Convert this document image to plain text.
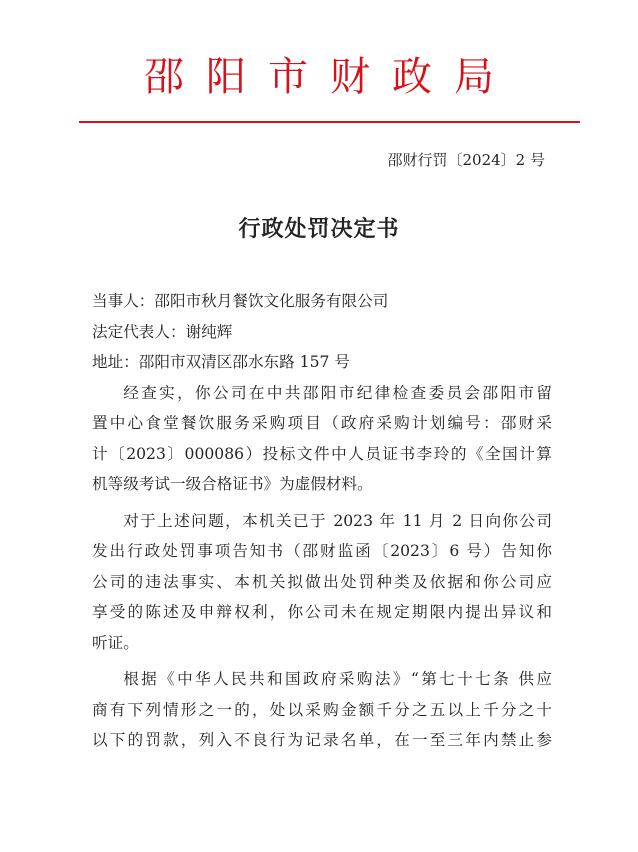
邵阳市财政局
邵财行罚〔2024〕2 号
行政处罚决定书

当事人：邵阳市秋月餐饮文化服务有限公司

法定代表人：谢纯辉

地址：邵阳市双清区邵水东路 157 号

经查实，你公司在中共邵阳市纪律检查委员会邵阳市留
置中心食堂餐饮服务采购项目（政府采购计划编号：邵财采
计〔2023〕000086）投标文件中人员证书李玲的《全国计算
机等级考试一级合格证书》为虚假材料。

对于上述问题，本机关已于 2023 年 11 月 2 日向你公司
发出行政处罚事项告知书（邵财监函〔2023〕6 号）告知你
公司的违法事实、本机关拟做出处罚种类及依据和你公司应
享受的陈述及申辩权利，你公司未在规定期限内提出异议和
听证。

根据《中华人民共和国政府采购法》“第七十七条 供应
商有下列情形之一的，处以采购金额千分之五以上千分之十
以下的罚款，列入不良行为记录名单，在一至三年内禁止参
